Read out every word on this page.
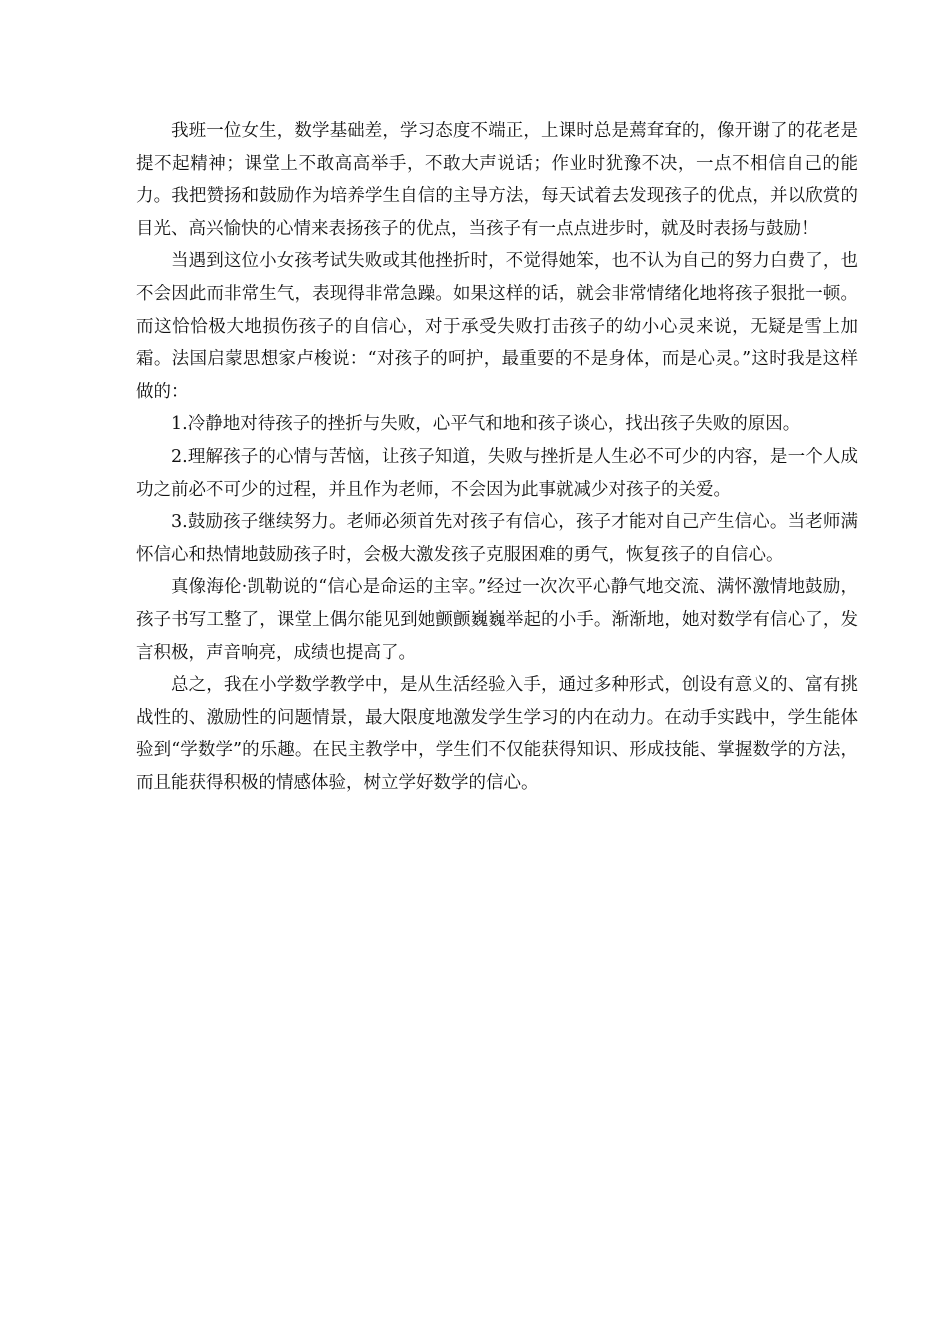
我班一位女生，数学基础差，学习态度不端正，上课时总是蔫耷耷的，像开谢了的花老是提不起精神；课堂上不敢高高举手，不敢大声说话；作业时犹豫不决，一点不相信自己的能力。我把赞扬和鼓励作为培养学生自信的主导方法，每天试着去发现孩子的优点，并以欣赏的目光、高兴愉快的心情来表扬孩子的优点，当孩子有一点点进步时，就及时表扬与鼓励！

当遇到这位小女孩考试失败或其他挫折时，不觉得她笨，也不认为自己的努力白费了，也不会因此而非常生气，表现得非常急躁。如果这样的话，就会非常情绪化地将孩子狠批一顿。而这恰恰极大地损伤孩子的自信心，对于承受失败打击孩子的幼小心灵来说，无疑是雪上加霜。法国启蒙思想家卢梭说：“对孩子的呵护，最重要的不是身体，而是心灵。”这时我是这样做的：

1.冷静地对待孩子的挫折与失败，心平气和地和孩子谈心，找出孩子失败的原因。

2.理解孩子的心情与苦恼，让孩子知道，失败与挫折是人生必不可少的内容，是一个人成功之前必不可少的过程，并且作为老师，不会因为此事就减少对孩子的关爱。

3.鼓励孩子继续努力。老师必须首先对孩子有信心，孩子才能对自己产生信心。当老师满怀信心和热情地鼓励孩子时，会极大激发孩子克服困难的勇气，恢复孩子的自信心。

真像海伦·凯勒说的“信心是命运的主宰。”经过一次次平心静气地交流、满怀激情地鼓励，孩子书写工整了，课堂上偶尔能见到她颤颤巍巍举起的小手。渐渐地，她对数学有信心了，发言积极，声音响亮，成绩也提高了。

总之，我在小学数学教学中，是从生活经验入手，通过多种形式，创设有意义的、富有挑战性的、激励性的问题情景，最大限度地激发学生学习的内在动力。在动手实践中，学生能体验到“学数学”的乐趣。在民主教学中，学生们不仅能获得知识、形成技能、掌握数学的方法，而且能获得积极的情感体验，树立学好数学的信心。
